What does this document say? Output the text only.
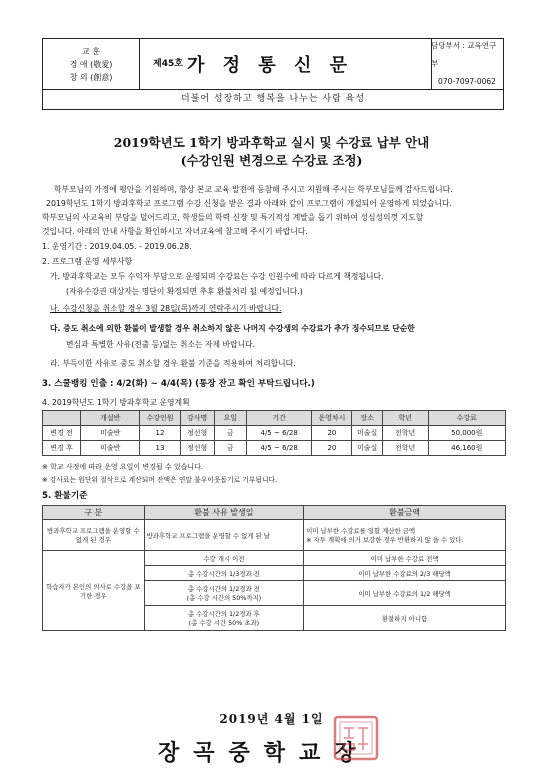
교 훈
경 애 (敬愛)
창 의 (創意)
제45호 가 정 통 신 문
담당부서 : 교육연구부
070-7097-0062
더불어 성장하고 행복을 나누는 사람 육성
2019학년도 1학기 방과후학교 실시 및 수강료 납부 안내
(수강인원 변경으로 수강료 조정)
학부모님의 가정에 평안을 기원하며, 항상 본교 교육 발전에 동참해 주시고 지원해 주시는 학부모님들께 감사드립니다.
2019학년도 1학기 방과후학교 프로그램 수강 신청을 받은 결과 아래와 같이 프로그램이 개설되어 운영하게 되었습니다.
학부모님의 사교육비 부담을 덜어드리고, 학생들의 학력 신장 및 특기적성 계발을 돕기 위하여 성심성의껏 지도할
것입니다. 아래의 안내 사항을 확인하시고 자녀교육에 참고해 주시기 바랍니다.
1. 운영기간 : 2019.04.05. - 2019.06.28.
2. 프로그램 운영 세부사항
가. 방과후학교는 모두 수익자 부담으로 운영되며 수강료는 수강 인원수에 따라 다르게 책정됩니다.
(자유수강권 대상자는 명단이 확정되면 추후 환불처리 될 예정입니다.)
나. 수강신청을 취소할 경우 3월 28일(목)까지 연락주시기 바랍니다.
다. 중도 취소에 의한 환불이 발생할 경우 취소하지 않은 나머지 수강생의 수강료가 추가 징수되므로 단순한
변심과 특별한 사유(전출 등)없는 취소는 자제 바랍니다.
라. 부득이한 사유로 중도 취소할 경우 환불 기준을 적용하여 처리합니다.
3. 스쿨뱅킹 인출 : 4/2(화) ~ 4/4(목) (통장 잔고 확인 부탁드립니다.)
4. 2019학년도 1학기 방과후학교 운영계획
	개설반	수강인원	강사명	요일	기간	운영차시	장소	학년	수강료
변경 전	미술반	12	정선형	금	4/5 ~ 6/28	20	미술실	전학년	50,000원
변경 후	미술반	13	정선형	금	4/5 ~ 6/28	20	미술실	전학년	46,160원
※ 학교 사정에 따라 운영 요일이 변경될 수 있습니다.
※ 강사료는 원단위 절삭으로 계산되며 잔액은 연말 불우이웃돕기로 기부됩니다.
5. 환불기준
구 분	환불 사유 발생일	환불금액
방과후학교 프로그램을 운영할 수 없게 된 경우	방과후학교 프로그램을 운영할 수 없게 된 날	이미 납부한 수강료를 일할 계산한 금액
※ 자투 계획에 의거 보강한 경우 반환하지 않 을 수 있다.

학습자가 본인의 의사로 수강을 포기한 경우	수강 개시 이전	이미 납부한 수강료 전액
	총 수강시간의 1/3경과 전	이미 납부한 수강료의 2/3 해당액
	총 수강시간의 1/2경과 전
(총 수강 시간의 50%까지)	이미 납부한 수강료의 1/2 해당액
	총 수강시간의 1/2경과 후
(총 수강 시간 50% 초과)	환불하지 아니함
2019년 4월 1일
장곡중학교장
